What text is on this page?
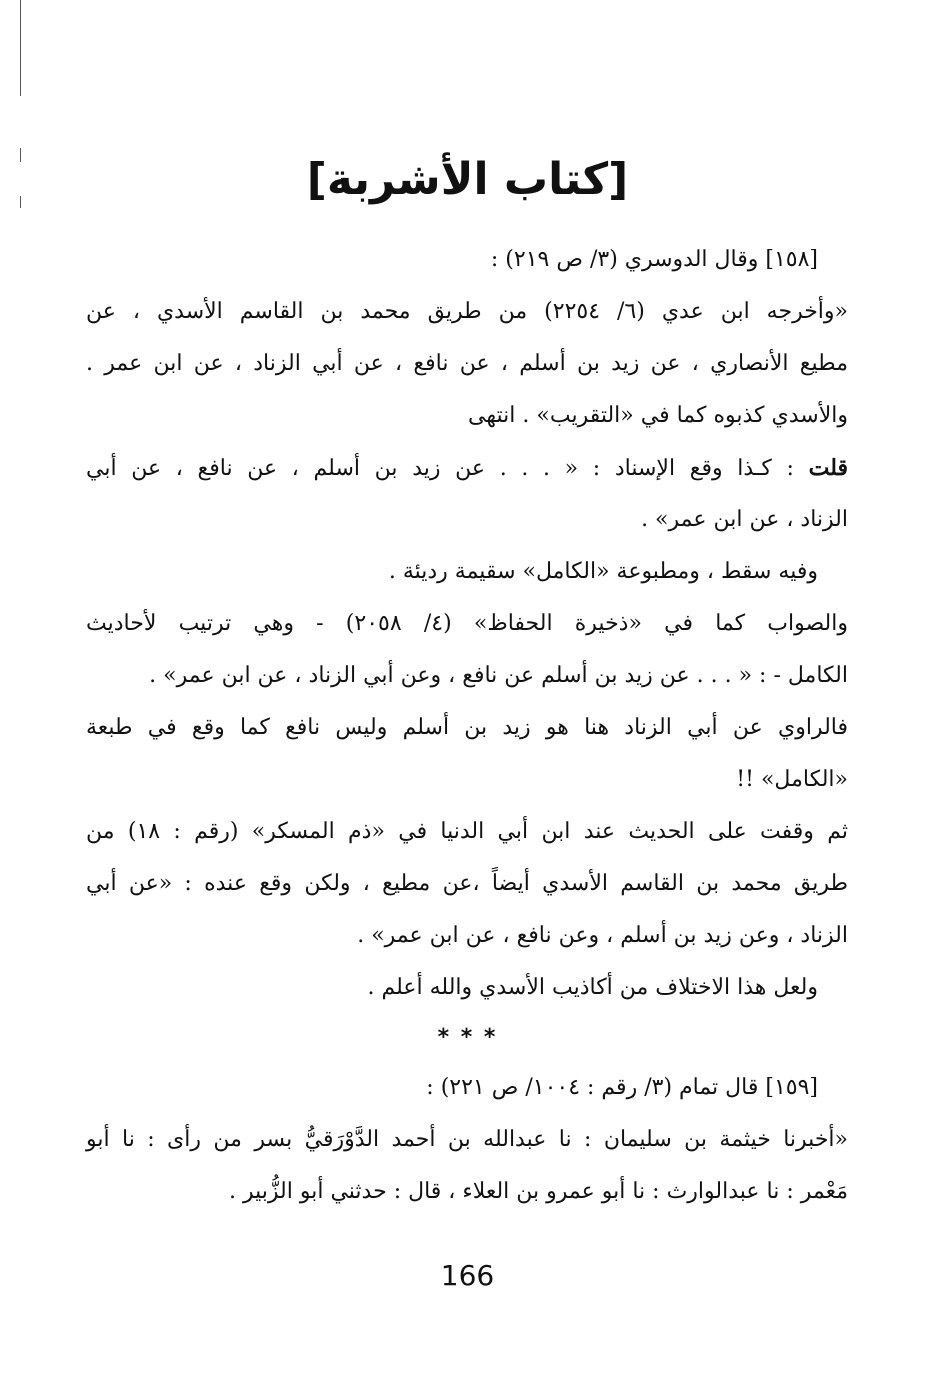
[كتاب الأشربة]
[١٥٨] وقال الدوسري (٣/ ص ٢١٩) :
«وأخرجه ابن عدي (٦/ ٢٢٥٤) من طريق محمد بن القاسم الأسدي ، عن
مطيع الأنصاري ، عن زيد بن أسلم ، عن نافع ، عن أبي الزناد ، عن ابن عمر .
والأسدي كذبوه كما في «التقريب» . انتهى
قلت : كـذا وقع الإسناد : « . . . عن زيد بن أسلم ، عن نافع ، عن أبي
الزناد ، عن ابن عمر» .
وفيه سقط ، ومطبوعة «الكامل» سقيمة رديئة .
والصواب كما في «ذخيرة الحفاظ» (٤/ ٢٠٥٨) - وهي ترتيب لأحاديث
الكامل - : « . . . عن زيد بن أسلم عن نافع ، وعن أبي الزناد ، عن ابن عمر» .
فالراوي عن أبي الزناد هنا هو زيد بن أسلم وليس نافع كما وقع في طبعة
«الكامل» !!
ثم وقفت على الحديث عند ابن أبي الدنيا في «ذم المسكر» (رقم : ١٨) من
طريق محمد بن القاسم الأسدي أيضاً ،عن مطيع ، ولكن وقع عنده : «عن أبي
الزناد ، وعن زيد بن أسلم ، وعن نافع ، عن ابن عمر» .
ولعل هذا الاختلاف من أكاذيب الأسدي والله أعلم .
* * *
[١٥٩] قال تمام (٣/ رقم : ١٠٠٤/ ص ٢٢١) :
«أخبرنا خيثمة بن سليمان : نا عبدالله بن أحمد الدَّوْرَقيُّ بسر من رأى : نا أبو
مَعْمر : نا عبدالوارث : نا أبو عمرو بن العلاء ، قال : حدثني أبو الزُّبير .
166
